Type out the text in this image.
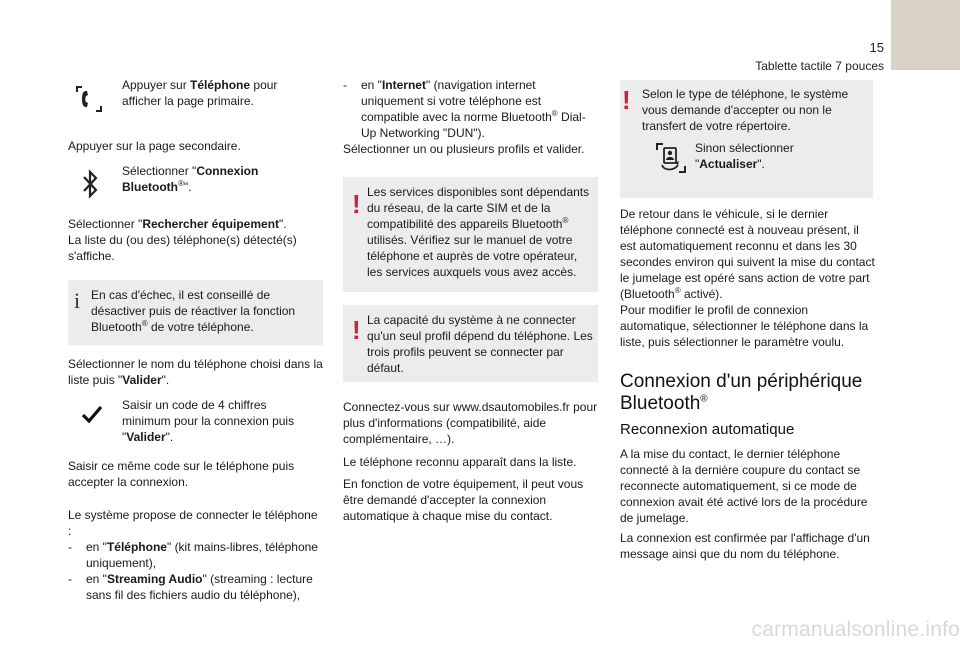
15
Tablette tactile 7 pouces
Appuyer sur Téléphone pour afficher la page primaire.
Appuyer sur la page secondaire.
Sélectionner "Connexion Bluetooth®".
Sélectionner "Rechercher équipement".
La liste du (ou des) téléphone(s) détecté(s) s'affiche.
i En cas d'échec, il est conseillé de désactiver puis de réactiver la fonction Bluetooth® de votre téléphone.
Sélectionner le nom du téléphone choisi dans la liste puis "Valider".
Saisir un code de 4 chiffres minimum pour la connexion puis "Valider".
Saisir ce même code sur le téléphone puis accepter la connexion.
Le système propose de connecter le téléphone :
- en "Téléphone" (kit mains-libres, téléphone uniquement),
- en "Streaming Audio" (streaming : lecture sans fil des fichiers audio du téléphone),
- en "Internet" (navigation internet uniquement si votre téléphone est compatible avec la norme Bluetooth® Dial-Up Networking "DUN").
Sélectionner un ou plusieurs profils et valider.
! Les services disponibles sont dépendants du réseau, de la carte SIM et de la compatibilité des appareils Bluetooth® utilisés. Vérifiez sur le manuel de votre téléphone et auprès de votre opérateur, les services auxquels vous avez accès.
! La capacité du système à ne connecter qu'un seul profil dépend du téléphone. Les trois profils peuvent se connecter par défaut.
Connectez-vous sur www.dsautomobiles.fr pour plus d'informations (compatibilité, aide complémentaire, …).
Le téléphone reconnu apparaît dans la liste.
En fonction de votre équipement, il peut vous être demandé d'accepter la connexion automatique à chaque mise du contact.
! Selon le type de téléphone, le système vous demande d'accepter ou non le transfert de votre répertoire.
Sinon sélectionner "Actualiser".
De retour dans le véhicule, si le dernier téléphone connecté est à nouveau présent, il est automatiquement reconnu et dans les 30 secondes environ qui suivent la mise du contact le jumelage est opéré sans action de votre part (Bluetooth® activé).
Pour modifier le profil de connexion automatique, sélectionner le téléphone dans la liste, puis sélectionner le paramètre voulu.
Connexion d'un périphérique
Bluetooth®
Reconnexion automatique
A la mise du contact, le dernier téléphone connecté à la dernière coupure du contact se reconnecte automatiquement, si ce mode de connexion avait été activé lors de la procédure de jumelage.
La connexion est confirmée par l'affichage d'un message ainsi que du nom du téléphone.
carmanualsonline.info
